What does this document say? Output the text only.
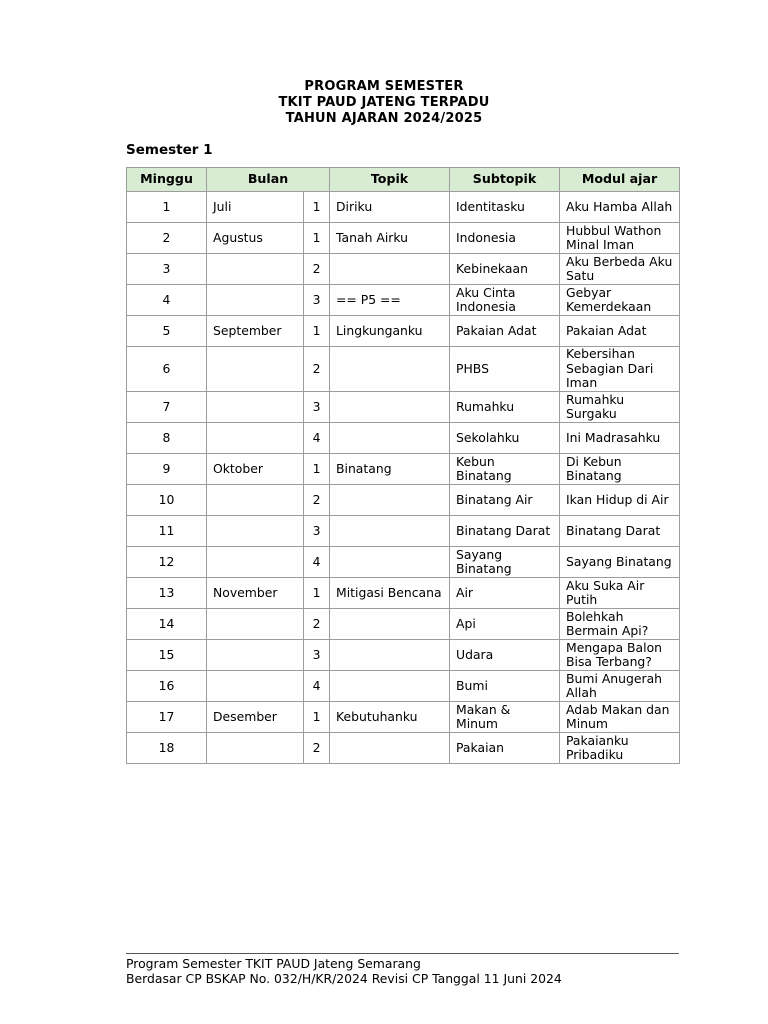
PROGRAM SEMESTER
TKIT PAUD JATENG TERPADU
TAHUN AJARAN 2024/2025
Semester 1
Minggu	Bulan		Topik	Subtopik	Modul ajar
1	Juli	1	Diriku	Identitasku	Aku Hamba Allah
2	Agustus	1	Tanah Airku	Indonesia	Hubbul Wathon Minal Iman
3		2		Kebinekaan	Aku Berbeda Aku Satu
4		3	== P5 ==	Aku Cinta Indonesia	Gebyar Kemerdekaan
5	September	1	Lingkunganku	Pakaian Adat	Pakaian Adat
6		2		PHBS	Kebersihan Sebagian Dari Iman
7		3		Rumahku	Rumahku Surgaku
8		4		Sekolahku	Ini Madrasahku
9	Oktober	1	Binatang	Kebun Binatang	Di Kebun Binatang
10		2		Binatang Air	Ikan Hidup di Air
11		3		Binatang Darat	Binatang Darat
12		4		Sayang Binatang	Sayang Binatang
13	November	1	Mitigasi Bencana	Air	Aku Suka Air Putih
14		2		Api	Bolehkah Bermain Api?
15		3		Udara	Mengapa Balon Bisa Terbang?
16		4		Bumi	Bumi Anugerah Allah
17	Desember	1	Kebutuhanku	Makan & Minum	Adab Makan dan Minum
18		2		Pakaian	Pakaianku Pribadiku
Program Semester TKIT PAUD Jateng Semarang
Berdasar CP BSKAP No. 032/H/KR/2024 Revisi CP Tanggal 11 Juni 2024
